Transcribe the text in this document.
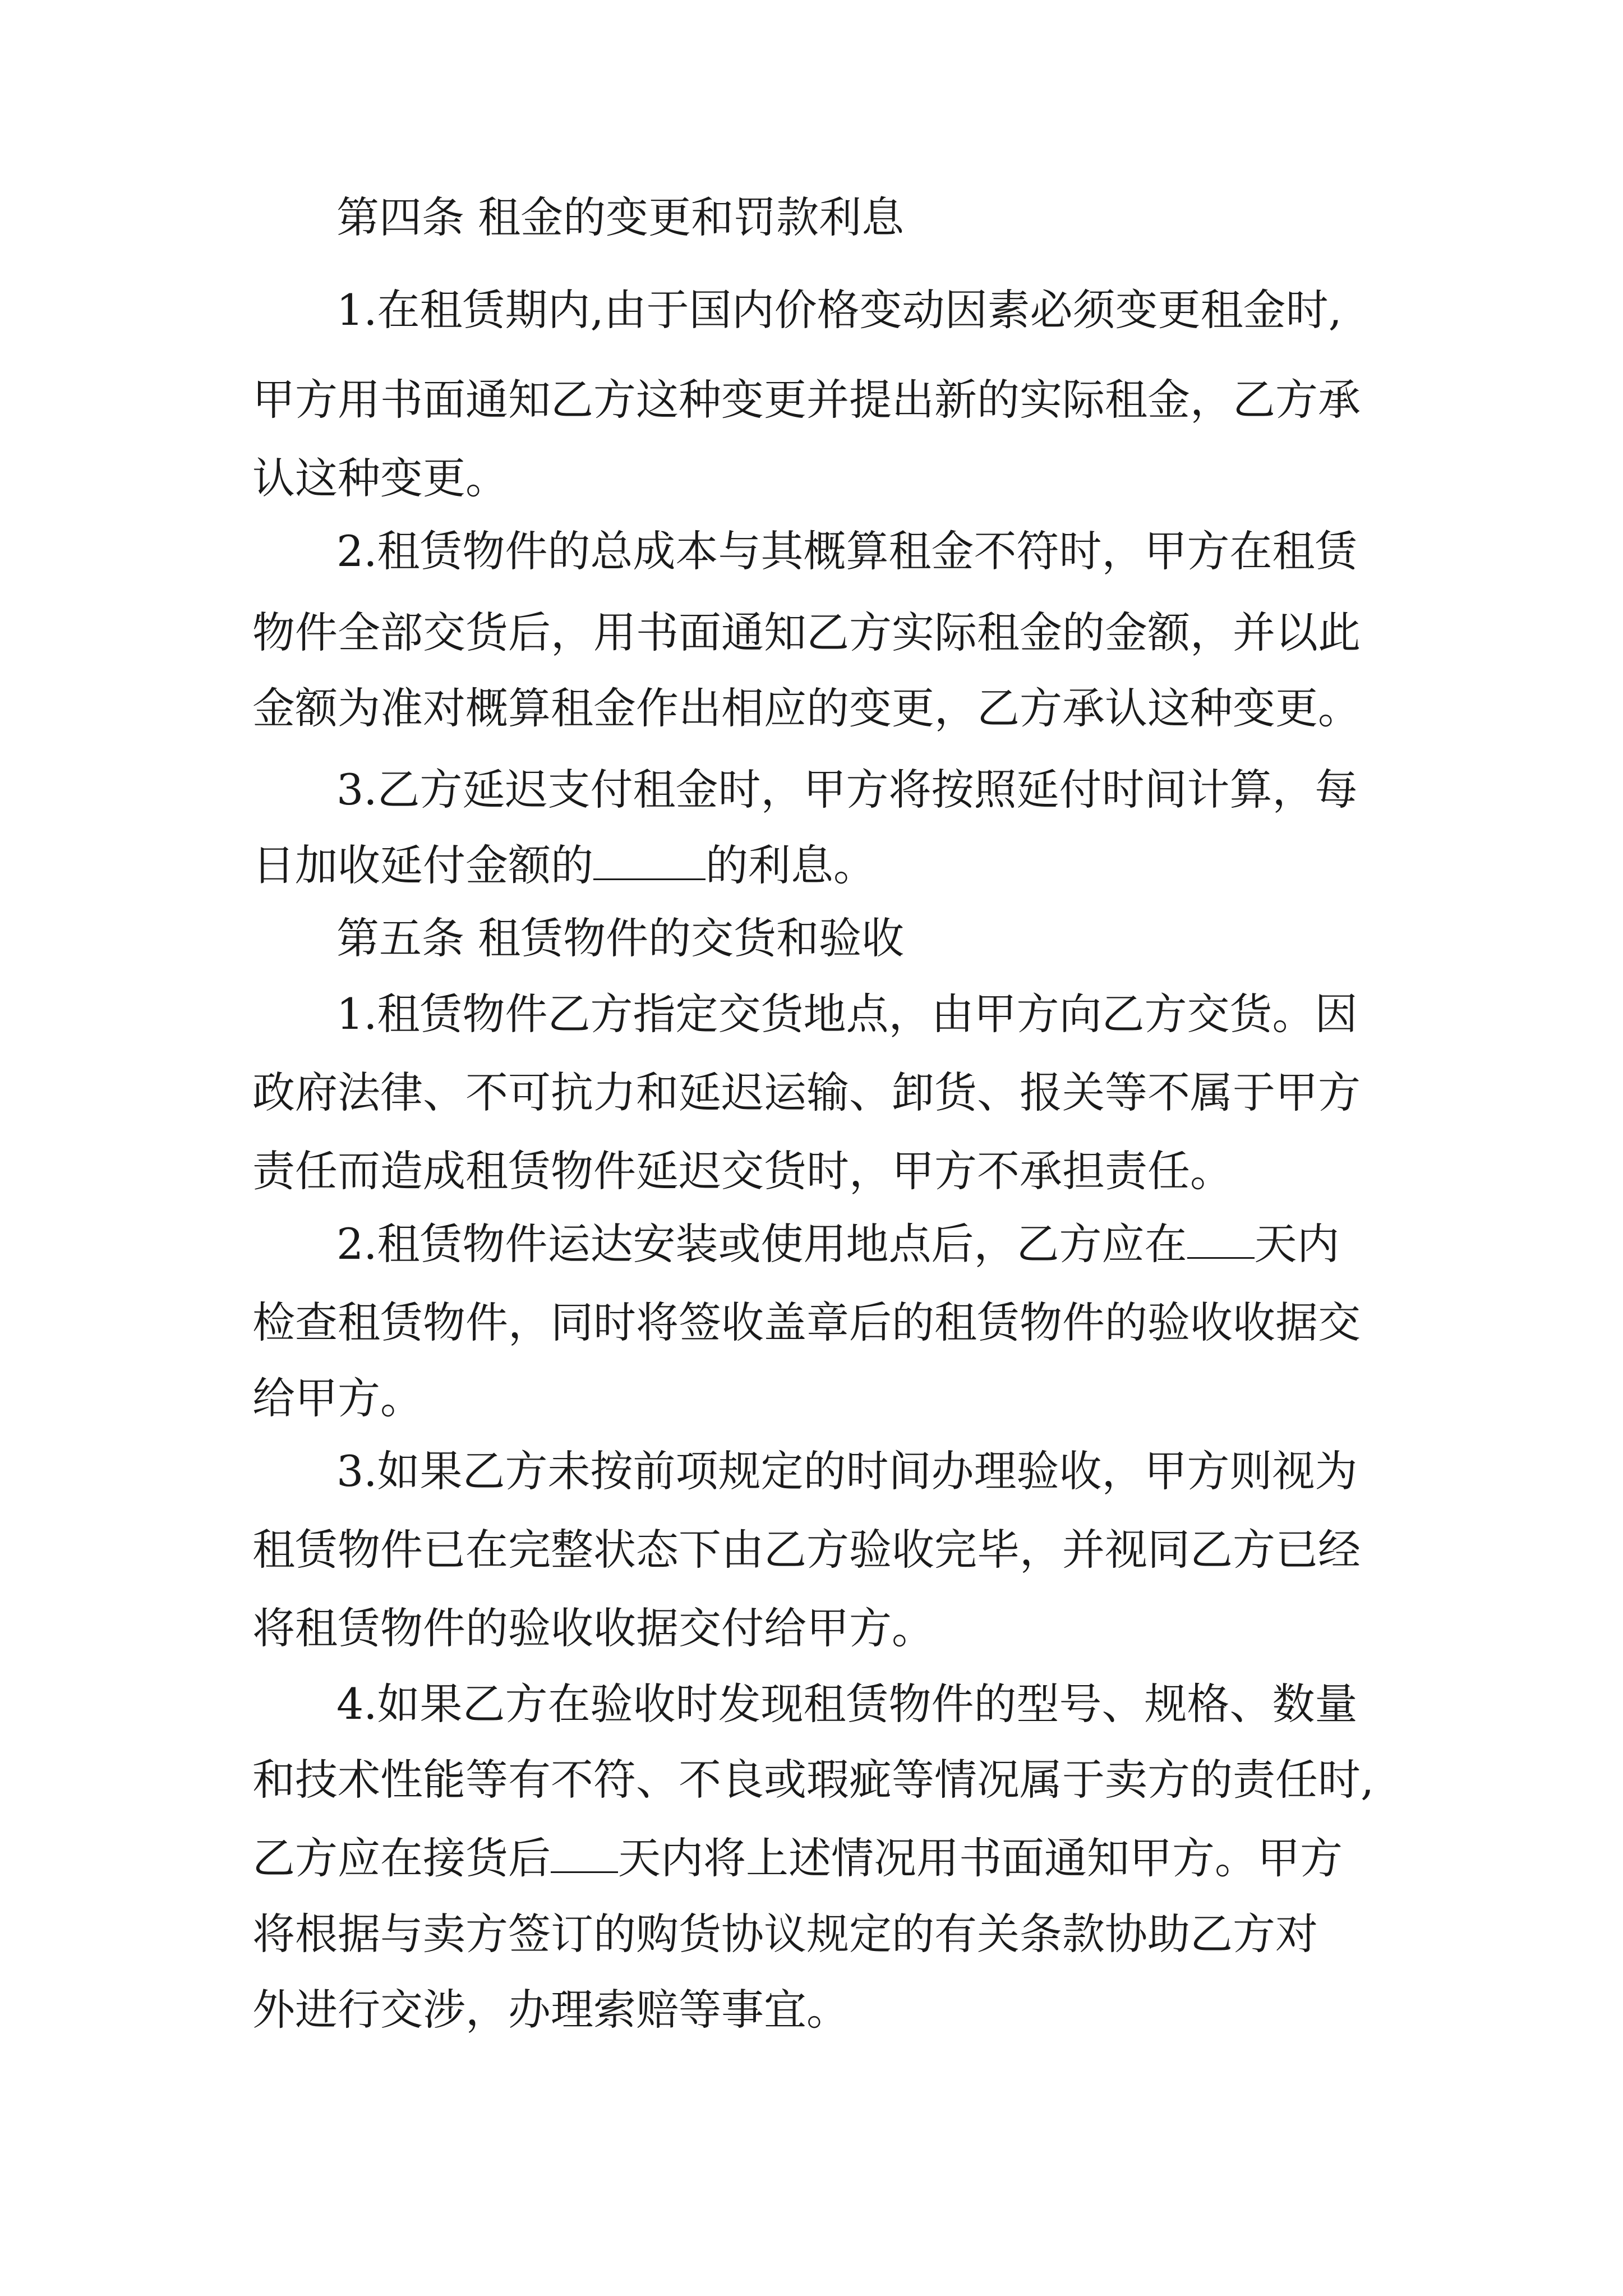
第四条 租金的变更和罚款利息
1.在租赁期内,由于国内价格变动因素必须变更租金时,
甲方用书面通知乙方这种变更并提出新的实际租金，乙方承
认这种变更。
2.租赁物件的总成本与其概算租金不符时，甲方在租赁
物件全部交货后，用书面通知乙方实际租金的金额，并以此
金额为准对概算租金作出相应的变更，乙方承认这种变更。
3.乙方延迟支付租金时，甲方将按照延付时间计算，每
日加收延付金额的	的利息。
第五条 租赁物件的交货和验收
1.租赁物件乙方指定交货地点，由甲方向乙方交货。因
政府法律、不可抗力和延迟运输、卸货、报关等不属于甲方
责任而造成租赁物件延迟交货时，甲方不承担责任。
2.租赁物件运达安装或使用地点后，乙方应在 天内
检查租赁物件，同时将签收盖章后的租赁物件的验收收据交
给甲方。
3.如果乙方未按前项规定的时间办理验收，甲方则视为
租赁物件已在完整状态下由乙方验收完毕，并视同乙方已经
将租赁物件的验收收据交付给甲方。
4.如果乙方在验收时发现租赁物件的型号、规格、数量
和技术性能等有不符、不良或瑕疵等情况属于卖方的责任时,
乙方应在接货后 天内将上述情况用书面通知甲方。甲方
将根据与卖方签订的购货协议规定的有关条款协助乙方对
外进行交涉，办理索赔等事宜。
